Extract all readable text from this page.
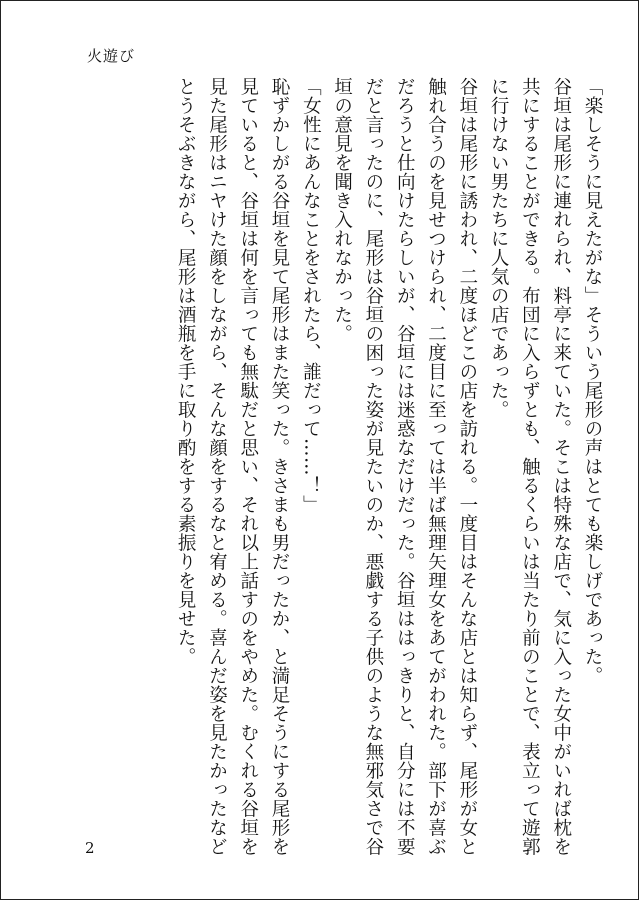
火遊び

「楽しそうに見えたがな」そういう尾形の声はとても楽しげであった。

谷垣は尾形に連れられ、料亭に来ていた。そこは特殊な店で、気に入った女中がいれば枕を共にすることができる。布団に入らずとも、触るくらいは当たり前のことで、表立って遊郭に行けない男たちに人気の店であった。

谷垣は尾形に誘われ、二度ほどこの店を訪れる。一度目はそんな店とは知らず、尾形が女と触れ合うのを見せつけられ、二度目に至っては半ば無理矢理女をあてがわれた。部下が喜ぶだろうと仕向けたらしいが、谷垣には迷惑なだけだった。谷垣ははっきりと、自分には不要だと言ったのに、尾形は谷垣の困った姿が見たいのか、悪戯する子供のような無邪気さで谷垣の意見を聞き入れなかった。

「女性にあんなことをされたら、誰だって……！」

恥ずかしがる谷垣を見て尾形はまた笑った。きさまも男だったか、と満足そうにする尾形を見ていると、谷垣は何を言っても無駄だと思い、それ以上話すのをやめた。むくれる谷垣を見た尾形はニヤけた顔をしながら、そんな顔をするなと宥める。喜んだ姿を見たかったなどとうそぶきながら、尾形は酒瓶を手に取り酌をする素振りを見せた。

2
